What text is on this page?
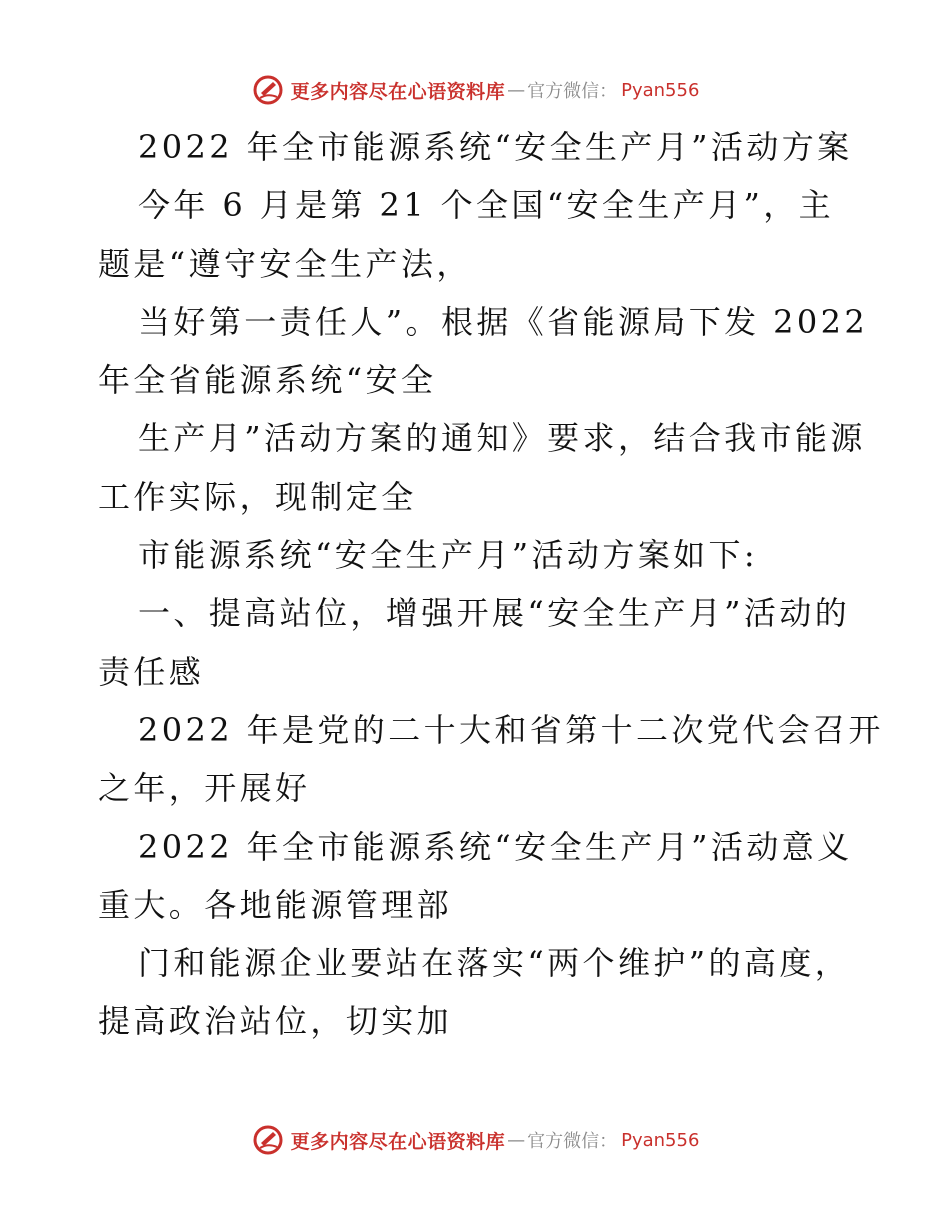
更多内容尽在心语资料库 — 官方微信： Pyan556
2022 年全市能源系统“安全生产月”活动方案
今年 6 月是第 21 个全国“安全生产月”，主
题是“遵守安全生产法，
当好第一责任人”。根据《省能源局下发 2022
年全省能源系统“安全
生产月”活动方案的通知》要求，结合我市能源
工作实际，现制定全
市能源系统“安全生产月”活动方案如下:
一、提高站位，增强开展“安全生产月”活动的
责任感
2022 年是党的二十大和省第十二次党代会召开
之年，开展好
2022 年全市能源系统“安全生产月”活动意义
重大。各地能源管理部
门和能源企业要站在落实“两个维护”的高度，
提高政治站位，切实加
更多内容尽在心语资料库 — 官方微信： Pyan556
